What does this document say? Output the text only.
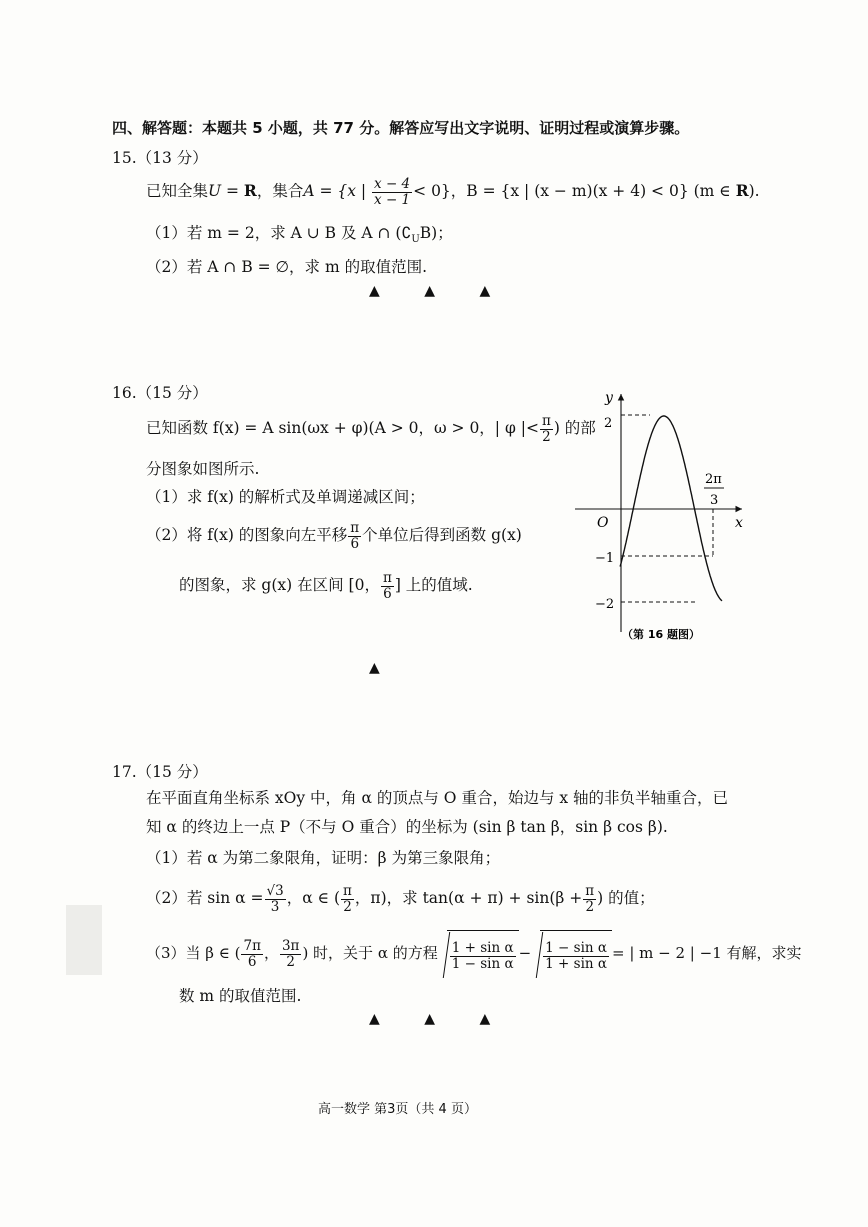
四、解答题：本题共 5 小题，共 77 分。解答应写出文字说明、证明过程或演算步骤。
15.（13 分）
已知全集U = R，集合A = {x | $\frac{x - 4}{x - 1} < 0$}，B = {x | (x − m)(x + 4) < 0} (m ∈ R).
（1）若 m = 2，求 A ∪ B 及 A ∩ $(∁_UB)$；
（2）若 A ∩ B = ∅，求 m 的取值范围.
▲          ▲          ▲
16.（15 分）
已知函数 f(x) = A sin(ωx + φ)(A > 0，ω > 0，| φ |< $\frac{\pi}{2}$ ) 的部
分图象如图所示.
（1）求 f(x) 的解析式及单调递减区间；
（2）将 f(x) 的图象向左平移 $\frac{\pi}{6}$ 个单位后得到函数 g(x)
的图象，求 g(x) 在区间 [0， $\frac{\pi}{6}$ ] 上的值域.
▲
y
x
O
2
−1
−2
2π
3
（第 16 题图）
17.（15 分）
在平面直角坐标系 xOy 中，角 α 的顶点与 O 重合，始边与 x 轴的非负半轴重合，已
知 α 的终边上一点 P（不与 O 重合）的坐标为 (sin β tan β，sin β cos β).
（1）若 α 为第二象限角，证明：β 为第三象限角；
（2）若 $\sin \alpha = \frac{√3}{3}$ ，α ∈ ( $\frac{\pi}{2}$ ，π)，求 $\tan(\alpha + \pi) + \sin(\beta + \frac{\pi}{2}$ ) 的值；
（3）当 β ∈ ( $\frac{7\pi}{6}$ ， $\frac{3\pi}{2}$ ) 时，关于 α 的方程 $\frac{\text{1 + sin α}}{\text{1 − sin α}} - \frac{\text{1 − sin α}}{\text{1 + sin α}}$ = | m − 2 | −1 有解，求实
数 m 的取值范围.
▲          ▲          ▲
高一数学 第3页（共 4 页）
